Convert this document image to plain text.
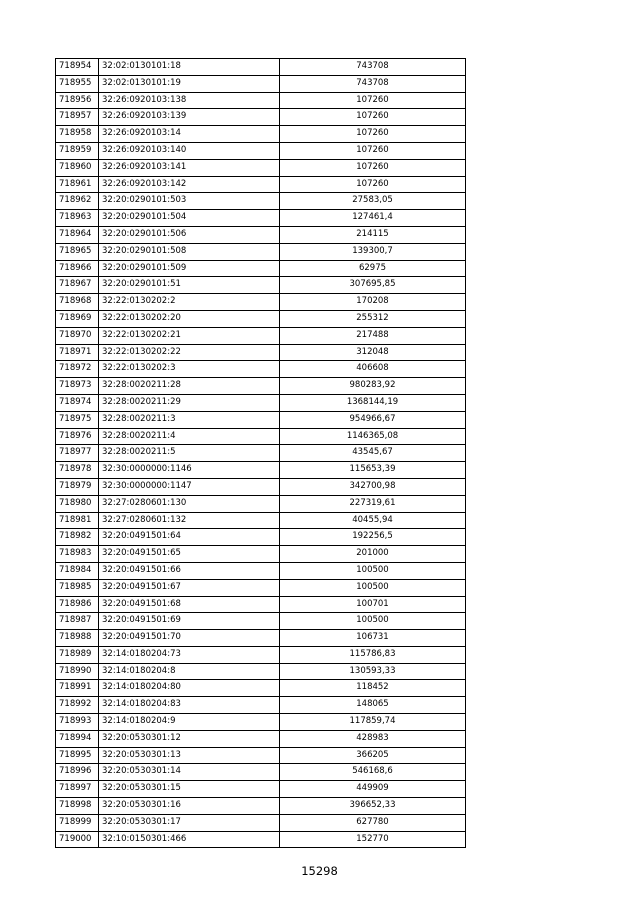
718954	32:02:0130101:18	743708
718955	32:02:0130101:19	743708
718956	32:26:0920103:138	107260
718957	32:26:0920103:139	107260
718958	32:26:0920103:14	107260
718959	32:26:0920103:140	107260
718960	32:26:0920103:141	107260
718961	32:26:0920103:142	107260
718962	32:20:0290101:503	27583,05
718963	32:20:0290101:504	127461,4
718964	32:20:0290101:506	214115
718965	32:20:0290101:508	139300,7
718966	32:20:0290101:509	62975
718967	32:20:0290101:51	307695,85
718968	32:22:0130202:2	170208
718969	32:22:0130202:20	255312
718970	32:22:0130202:21	217488
718971	32:22:0130202:22	312048
718972	32:22:0130202:3	406608
718973	32:28:0020211:28	980283,92
718974	32:28:0020211:29	1368144,19
718975	32:28:0020211:3	954966,67
718976	32:28:0020211:4	1146365,08
718977	32:28:0020211:5	43545,67
718978	32:30:0000000:1146	115653,39
718979	32:30:0000000:1147	342700,98
718980	32:27:0280601:130	227319,61
718981	32:27:0280601:132	40455,94
718982	32:20:0491501:64	192256,5
718983	32:20:0491501:65	201000
718984	32:20:0491501:66	100500
718985	32:20:0491501:67	100500
718986	32:20:0491501:68	100701
718987	32:20:0491501:69	100500
718988	32:20:0491501:70	106731
718989	32:14:0180204:73	115786,83
718990	32:14:0180204:8	130593,33
718991	32:14:0180204:80	118452
718992	32:14:0180204:83	148065
718993	32:14:0180204:9	117859,74
718994	32:20:0530301:12	428983
718995	32:20:0530301:13	366205
718996	32:20:0530301:14	546168,6
718997	32:20:0530301:15	449909
718998	32:20:0530301:16	396652,33
718999	32:20:0530301:17	627780
719000	32:10:0150301:466	152770
15298
